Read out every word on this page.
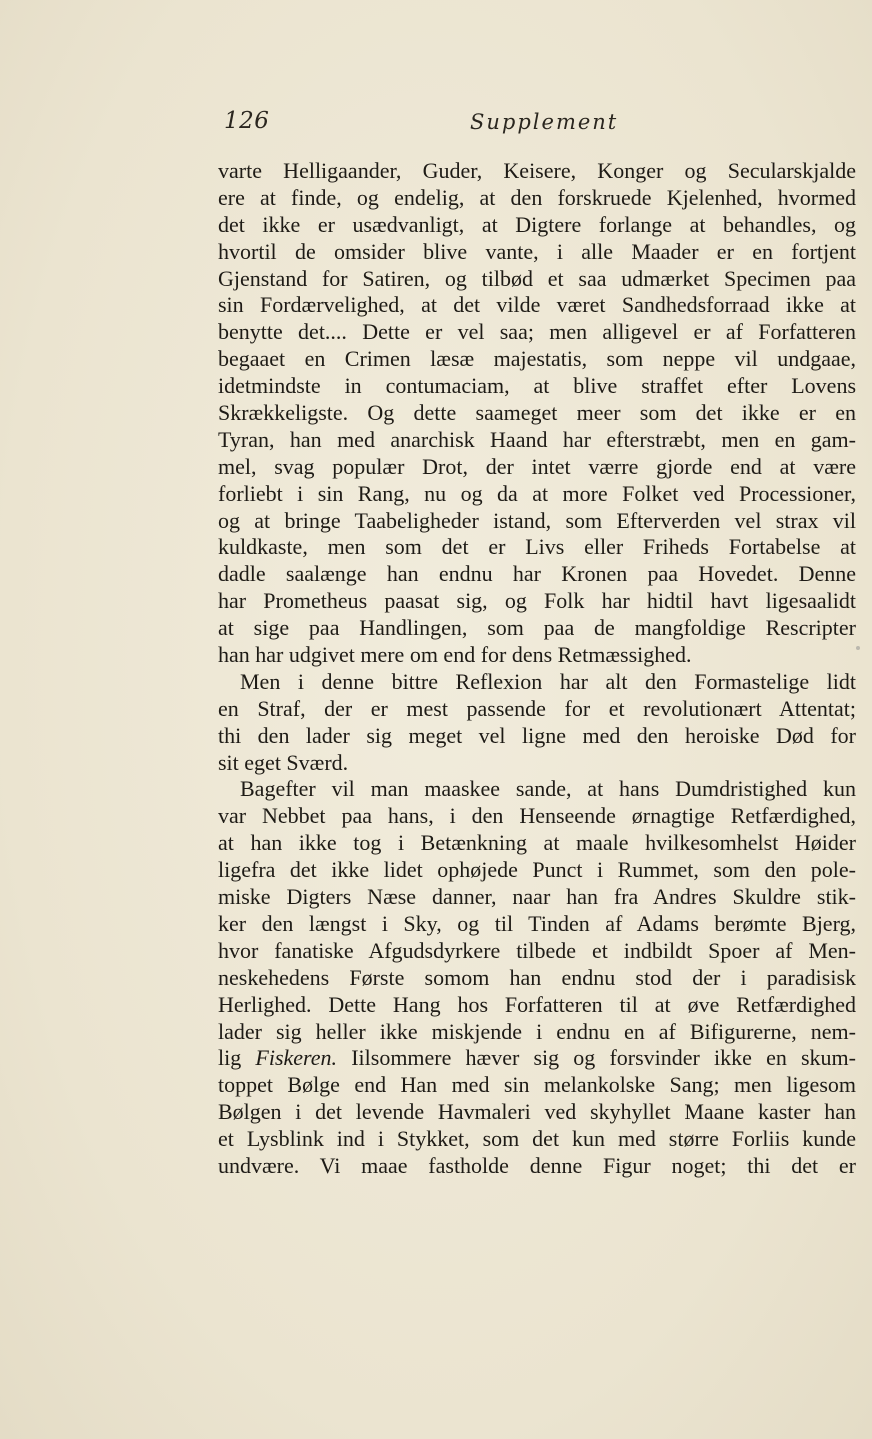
126	Supplement
varte Helligaander, Guder, Keisere, Konger og Secularskjalde
ere at finde, og endelig, at den forskruede Kjelenhed, hvormed
det ikke er usædvanligt, at Digtere forlange at behandles, og
hvortil de omsider blive vante, i alle Maader er en fortjent
Gjenstand for Satiren, og tilbød et saa udmærket Specimen paa
sin Fordærvelighed, at det vilde været Sandhedsforraad ikke at
benytte det.... Dette er vel saa; men alligevel er af Forfatteren
begaaet en Crimen læsæ majestatis, som neppe vil undgaae,
idetmindste in contumaciam, at blive straffet efter Lovens
Skrækkeligste. Og dette saameget meer som det ikke er en
Tyran, han med anarchisk Haand har efterstræbt, men en gam-
mel, svag populær Drot, der intet værre gjorde end at være
forliebt i sin Rang, nu og da at more Folket ved Processioner,
og at bringe Taabeligheder istand, som Efterverden vel strax vil
kuldkaste, men som det er Livs eller Friheds Fortabelse at
dadle saalænge han endnu har Kronen paa Hovedet. Denne
har Prometheus paasat sig, og Folk har hidtil havt ligesaalidt
at sige paa Handlingen, som paa de mangfoldige Rescripter
han har udgivet mere om end for dens Retmæssighed.
Men i denne bittre Reflexion har alt den Formastelige lidt
en Straf, der er mest passende for et revolutionært Attentat;
thi den lader sig meget vel ligne med den heroiske Død for
sit eget Sværd.
Bagefter vil man maaskee sande, at hans Dumdristighed kun
var Nebbet paa hans, i den Henseende ørnagtige Retfærdighed,
at han ikke tog i Betænkning at maale hvilkesomhelst Høider
ligefra det ikke lidet ophøjede Punct i Rummet, som den pole-
miske Digters Næse danner, naar han fra Andres Skuldre stik-
ker den længst i Sky, og til Tinden af Adams berømte Bjerg,
hvor fanatiske Afgudsdyrkere tilbede et indbildt Spoer af Men-
neskehedens Første somom han endnu stod der i paradisisk
Herlighed. Dette Hang hos Forfatteren til at øve Retfærdighed
lader sig heller ikke miskjende i endnu en af Bifigurerne, nem-
lig Fiskeren. Iilsommere hæver sig og forsvinder ikke en skum-
toppet Bølge end Han med sin melankolske Sang; men ligesom
Bølgen i det levende Havmaleri ved skyhyllet Maane kaster han
et Lysblink ind i Stykket, som det kun med større Forliis kunde
undvære. Vi maae fastholde denne Figur noget; thi det er
